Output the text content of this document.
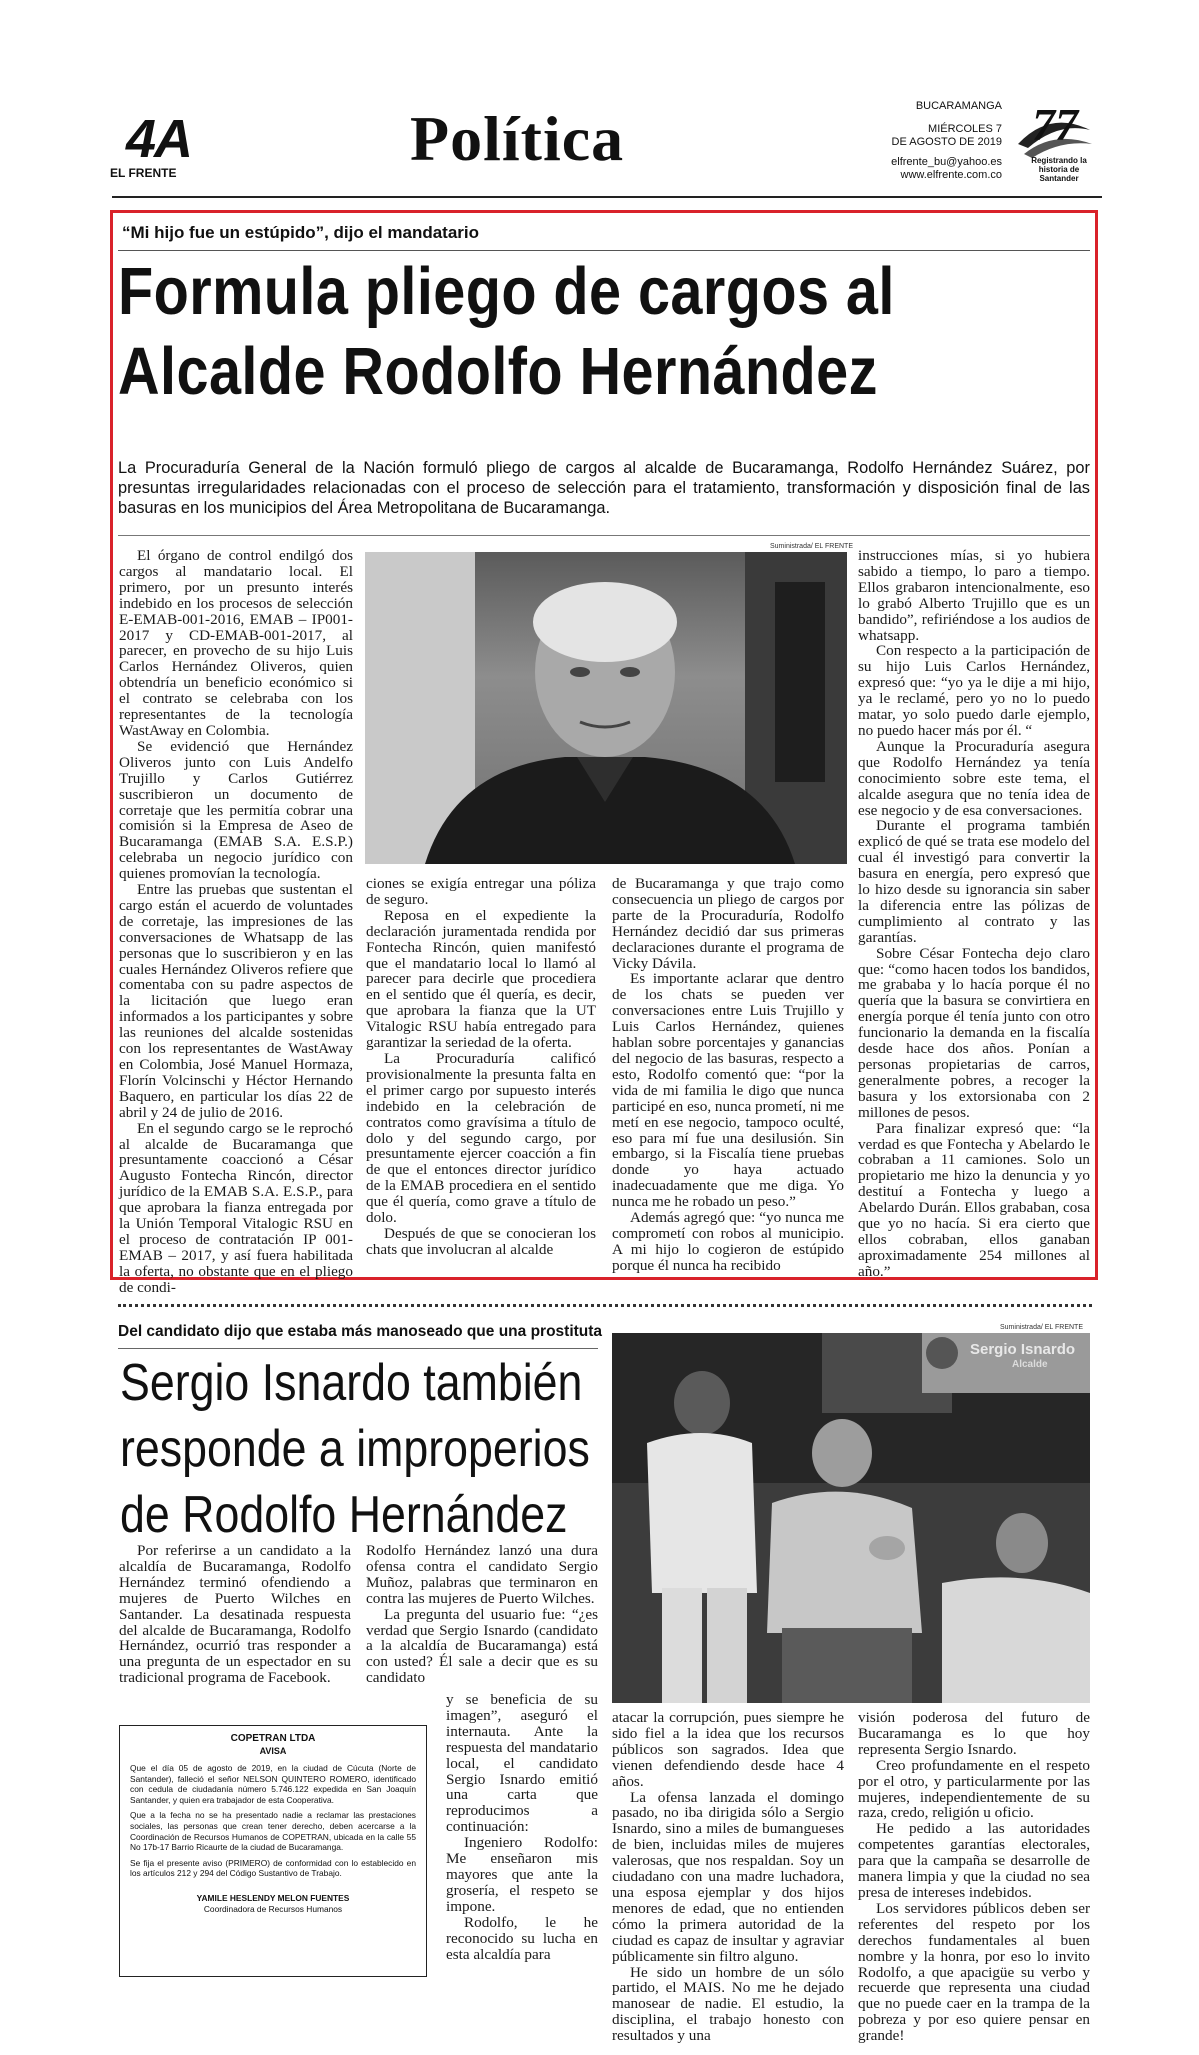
4A
EL FRENTE	Política	BUCARAMANGA
MIÉRCOLES 7
DE AGOSTO DE 2019
elfrente_bu@yahoo.es
www.elfrente.com.co
77
Registrando la historia de Santander
“Mi hijo fue un estúpido”, dijo el mandatario
Formula pliego de cargos al
Alcalde Rodolfo Hernández
La Procuraduría General de la Nación formuló pliego de cargos al alcalde de Bucaramanga, Rodolfo Hernández Suárez, por presuntas irregularidades relacionadas con el proceso de selección para el tratamiento, transformación y disposición final de las basuras en los municipios del Área Metropolitana de Bucaramanga.
Suministrada/ EL FRENTE

El órgano de control endilgó dos cargos al mandatario local. El primero, por un presunto interés indebido en los procesos de selección E-EMAB-001-2016, EMAB – IP001-2017 y CD-EMAB-001-2017, al parecer, en provecho de su hijo Luis Carlos Hernández Oliveros, quien obtendría un beneficio económico si el contrato se celebraba con los representantes de la tecnología WastAway en Colombia.

Se evidenció que Hernández Oliveros junto con Luis Andelfo Trujillo y Carlos Gutiérrez suscribieron un documento de corretaje que les permitía cobrar una comisión si la Empresa de Aseo de Bucaramanga (EMAB S.A. E.S.P.) celebraba un negocio jurídico con quienes promovían la tecnología.

Entre las pruebas que sustentan el cargo están el acuerdo de voluntades de corretaje, las impresiones de las conversaciones de Whatsapp de las personas que lo suscribieron y en las cuales Hernández Oliveros refiere que comentaba con su padre aspectos de la licitación que luego eran informados a los participantes y sobre las reuniones del alcalde sostenidas con los representantes de WastAway en Colombia, José Manuel Hormaza, Florín Volcinschi y Héctor Hernando Baquero, en particular los días 22 de abril y 24 de julio de 2016.

En el segundo cargo se le reprochó al alcalde de Bucaramanga que presuntamente coaccionó a César Augusto Fontecha Rincón, director jurídico de la EMAB S.A. E.S.P., para que aprobara la fianza entregada por la Unión Temporal Vitalogic RSU en el proceso de contratación IP 001-EMAB – 2017, y así fuera habilitada la oferta, no obstante que en el pliego de condi-

ciones se exigía entregar una póliza de seguro.

Reposa en el expediente la declaración juramentada rendida por Fontecha Rincón, quien manifestó que el mandatario local lo llamó al parecer para decirle que procediera en el sentido que él quería, es decir, que aprobara la fianza que la UT Vitalogic RSU había entregado para garantizar la seriedad de la oferta.

La Procuraduría calificó provisionalmente la presunta falta en el primer cargo por supuesto interés indebido en la celebración de contratos como gravísima a título de dolo y del segundo cargo, por presuntamente ejercer coacción a fin de que el entonces director jurídico de la EMAB procediera en el sentido que él quería, como grave a título de dolo.

Después de que se conocieran los chats que involucran al alcalde

de Bucaramanga y que trajo como consecuencia un pliego de cargos por parte de la Procuraduría, Rodolfo Hernández decidió dar sus primeras declaraciones durante el programa de Vicky Dávila.

Es importante aclarar que dentro de los chats se pueden ver conversaciones entre Luis Trujillo y Luis Carlos Hernández, quienes hablan sobre porcentajes y ganancias del negocio de las basuras, respecto a esto, Rodolfo comentó que: “por la vida de mi familia le digo que nunca participé en eso, nunca prometí, ni me metí en ese negocio, tampoco oculté, eso para mí fue una desilusión. Sin embargo, si la Fiscalía tiene pruebas donde yo haya actuado inadecuadamente que me diga. Yo nunca me he robado un peso.”

Además agregó que: “yo nunca me comprometí con robos al municipio. A mi hijo lo cogieron de estúpido porque él nunca ha recibido

instrucciones mías, si yo hubiera sabido a tiempo, lo paro a tiempo. Ellos grabaron intencionalmente, eso lo grabó Alberto Trujillo que es un bandido”, refiriéndose a los audios de whatsapp.

Con respecto a la participación de su hijo Luis Carlos Hernández, expresó que: “yo ya le dije a mi hijo, ya le reclamé, pero yo no lo puedo matar, yo solo puedo darle ejemplo, no puedo hacer más por él. “

Aunque la Procuraduría asegura que Rodolfo Hernández ya tenía conocimiento sobre este tema, el alcalde asegura que no tenía idea de ese negocio y de esa conversaciones.

Durante el programa también explicó de qué se trata ese modelo del cual él investigó para convertir la basura en energía, pero expresó que lo hizo desde su ignorancia sin saber la diferencia entre las pólizas de cumplimiento al contrato y las garantías.

Sobre César Fontecha dejo claro que: “como hacen todos los bandidos, me grababa y lo hacía porque él no quería que la basura se convirtiera en energía porque él tenía junto con otro funcionario la demanda en la fiscalía desde hace dos años. Ponían a personas propietarias de carros, generalmente pobres, a recoger la basura y los extorsionaba con 2 millones de pesos.

Para finalizar expresó que: “la verdad es que Fontecha y Abelardo le cobraban a 11 camiones. Solo un propietario me hizo la denuncia y yo destituí a Fontecha y luego a Abelardo Durán. Ellos grababan, cosa que yo no hacía. Si era cierto que ellos cobraban, ellos ganaban aproximadamente 254 millones al año.”

Del candidato dijo que estaba más manoseado que una prostituta
Sergio Isnardo también
responde a improperios
de Rodolfo Hernández
Sergio Isnardo
Alcalde
Suministrada/ EL FRENTE

Por referirse a un candidato a la alcaldía de Bucaramanga, Rodolfo Hernández terminó ofendiendo a mujeres de Puerto Wilches en Santander. La desatinada respuesta del alcalde de Bucaramanga, Rodolfo Hernández, ocurrió tras responder a una pregunta de un espectador en su tradicional programa de Facebook.

Rodolfo Hernández lanzó una dura ofensa contra el candidato Sergio Muñoz, palabras que terminaron en contra las mujeres de Puerto Wilches.

La pregunta del usuario fue: “¿es verdad que Sergio Isnardo (candidato a la alcaldía de Bucaramanga) está con usted? Él sale a decir que es su candidato

y se beneficia de su imagen”, aseguró el internauta. Ante la respuesta del mandatario local, el candidato Sergio Isnardo emitió una carta que reproducimos a continuación:

Ingeniero Rodolfo: Me enseñaron mis mayores que ante la grosería, el respeto se impone.

Rodolfo, le he reconocido su lucha en esta alcaldía para

atacar la corrupción, pues siempre he sido fiel a la idea que los recursos públicos son sagrados. Idea que vienen defendiendo desde hace 4 años.

La ofensa lanzada el domingo pasado, no iba dirigida sólo a Sergio Isnardo, sino a miles de bumangueses de bien, incluidas miles de mujeres valerosas, que nos respaldan. Soy un ciudadano con una madre luchadora, una esposa ejemplar y dos hijos menores de edad, que no entienden cómo la primera autoridad de la ciudad es capaz de insultar y agraviar públicamente sin filtro alguno.

He sido un hombre de un sólo partido, el MAIS. No me he dejado manosear de nadie. El estudio, la disciplina, el trabajo honesto con resultados y una

visión poderosa del futuro de Bucaramanga es lo que hoy representa Sergio Isnardo.

Creo profundamente en el respeto por el otro, y particularmente por las mujeres, independientemente de su raza, credo, religión u oficio.

He pedido a las autoridades competentes garantías electorales, para que la campaña se desarrolle de manera limpia y que la ciudad no sea presa de intereses indebidos.

Los servidores públicos deben ser referentes del respeto por los derechos fundamentales al buen nombre y la honra, por eso lo invito Rodolfo, a que apacigüe su verbo y recuerde que representa una ciudad que no puede caer en la trampa de la pobreza y por eso quiere pensar en grande!

COPETRAN LTDA
AVISA
Que el día 05 de agosto de 2019, en la ciudad de Cúcuta (Norte de Santander), falleció el señor NELSON QUINTERO ROMERO, identificado con cedula de ciudadanía número 5.746.122 expedida en San Joaquín Santander, y quien era trabajador de esta Cooperativa.
Que a la fecha no se ha presentado nadie a reclamar las prestaciones sociales, las personas que crean tener derecho, deben acercarse a la Coordinación de Recursos Humanos de COPETRAN, ubicada en la calle 55 No 17b-17 Barrio Ricaurte de la ciudad de Bucaramanga.
Se fija el presente aviso (PRIMERO) de conformidad con lo establecido en los artículos 212 y 294 del Código Sustantivo de Trabajo.
YAMILE HESLENDY MELON FUENTES
Coordinadora de Recursos Humanos
